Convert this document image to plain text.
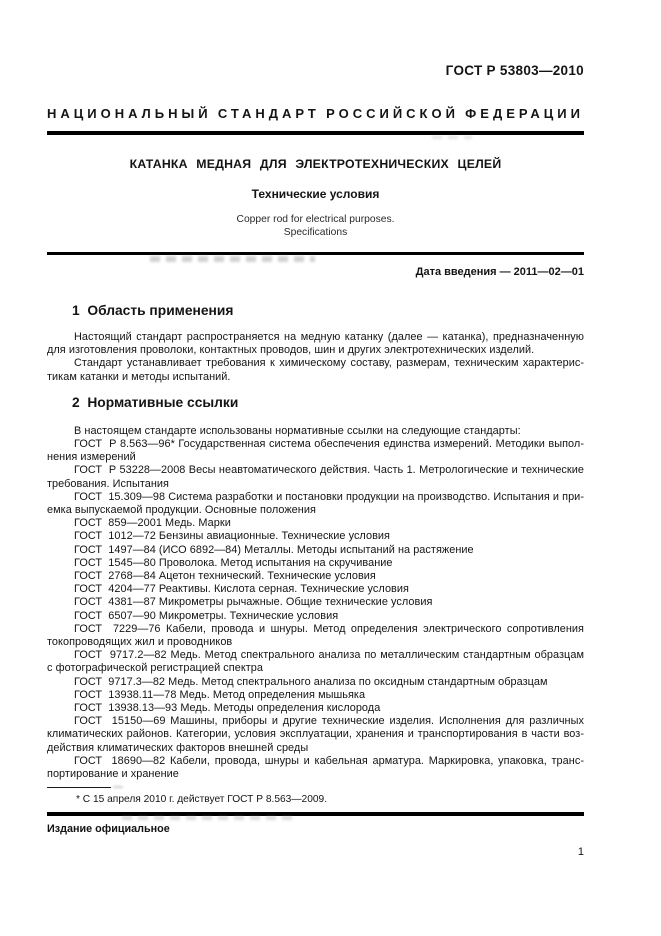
ГОСТ Р 53803—2010
НАЦИОНАЛЬНЫЙ СТАНДАРТ РОССИЙСКОЙ ФЕДЕРАЦИИ
КАТАНКА МЕДНАЯ ДЛЯ ЭЛЕКТРОТЕХНИЧЕСКИХ ЦЕЛЕЙ
Технические условия
Copper rod for electrical purposes.
Specifications
Дата введения — 2011—02—01
1  Область применения
Настоящий стандарт распространяется на медную катанку (далее — катанка), предназначенную
для изготовления проволоки, контактных проводов, шин и других электротехнических изделий.
Стандарт устанавливает требования к химическому составу, размерам, техническим характерис-
тикам катанки и методы испытаний.
2  Нормативные ссылки
В настоящем стандарте использованы нормативные ссылки на следующие стандарты:
ГОСТ  Р 8.563—96* Государственная система обеспечения единства измерений. Методики выпол-
нения измерений
ГОСТ  Р 53228—2008 Весы неавтоматического действия. Часть 1. Метрологические и технические
требования. Испытания
ГОСТ  15.309—98 Система разработки и постановки продукции на производство. Испытания и при-
емка выпускаемой продукции. Основные положения
ГОСТ  859—2001 Медь. Марки
ГОСТ  1012—72 Бензины авиационные. Технические условия
ГОСТ  1497—84 (ИСО 6892—84) Металлы. Методы испытаний на растяжение
ГОСТ  1545—80 Проволока. Метод испытания на скручивание
ГОСТ  2768—84 Ацетон технический. Технические условия
ГОСТ  4204—77 Реактивы. Кислота серная. Технические условия
ГОСТ  4381—87 Микрометры рычажные. Общие технические условия
ГОСТ  6507—90 Микрометры. Технические условия
ГОСТ  7229—76 Кабели, провода и шнуры. Метод определения электрического сопротивления
токопроводящих жил и проводников
ГОСТ  9717.2—82 Медь. Метод спектрального анализа по металлическим стандартным образцам
с фотографической регистрацией спектра
ГОСТ  9717.3—82 Медь. Метод спектрального анализа по оксидным стандартным образцам
ГОСТ  13938.11—78 Медь. Метод определения мышьяка
ГОСТ  13938.13—93 Медь. Методы определения кислорода
ГОСТ  15150—69 Машины, приборы и другие технические изделия. Исполнения для различных
климатических районов. Категории, условия эксплуатации, хранения и транспортирования в части воз-
действия климатических факторов внешней среды
ГОСТ  18690—82 Кабели, провода, шнуры и кабельная арматура. Маркировка, упаковка, транс-
портирование и хранение
* С 15 апреля 2010 г. действует ГОСТ Р 8.563—2009.
Издание официальное
1
